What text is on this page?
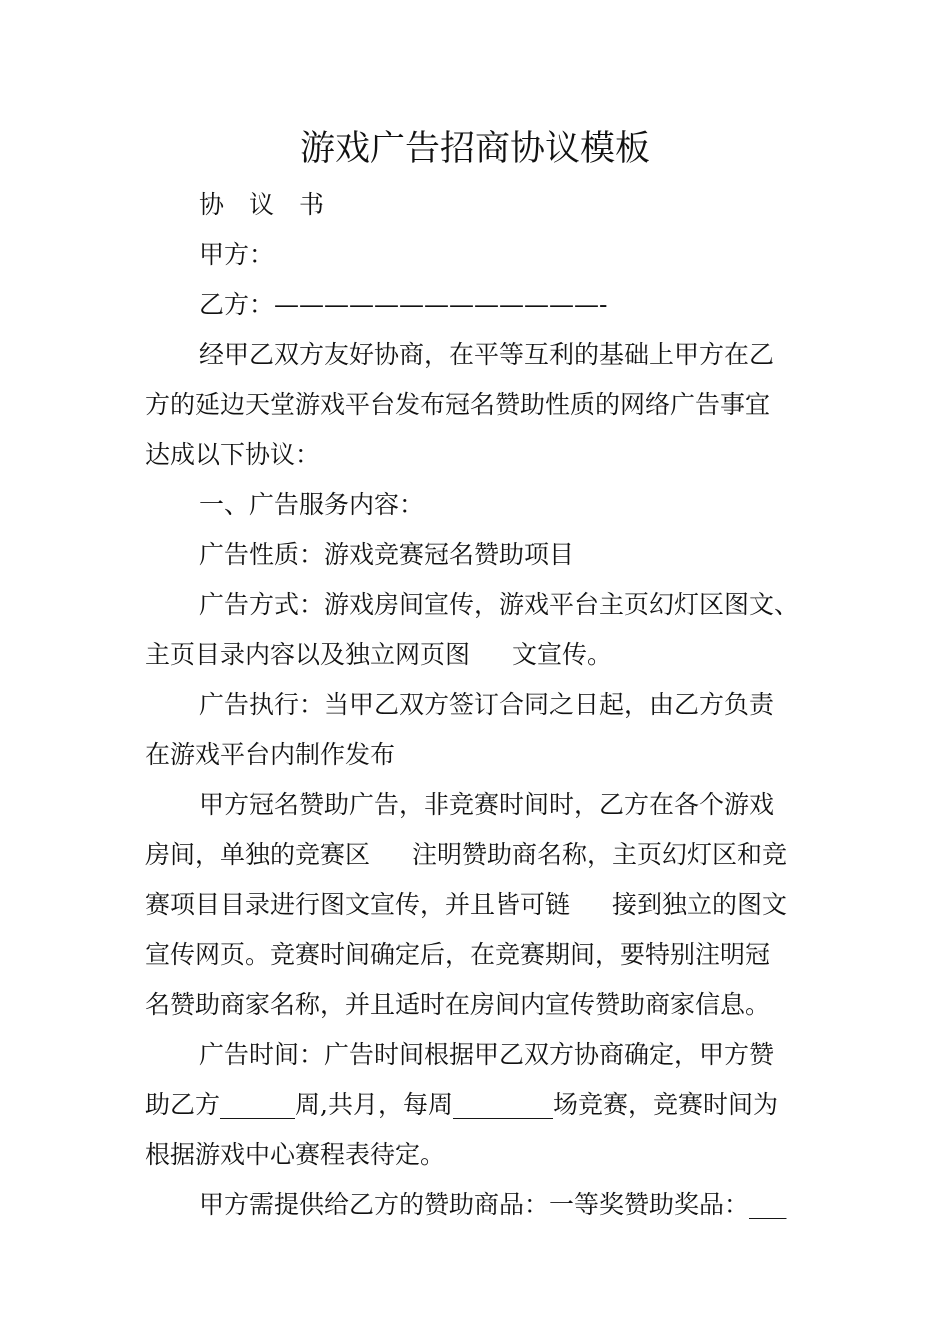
游戏广告招商协议模板
协　议　书
甲方：
乙方：—————————————-
经甲乙双方友好协商，在平等互利的基础上甲方在乙
方的延边天堂游戏平台发布冠名赞助性质的网络广告事宜
达成以下协议：
一、广告服务内容：
广告性质：游戏竞赛冠名赞助项目
广告方式：游戏房间宣传，游戏平台主页幻灯区图文、
主页目录内容以及独立网页图 文宣传。
广告执行：当甲乙双方签订合同之日起，由乙方负责
在游戏平台内制作发布
甲方冠名赞助广告，非竞赛时间时，乙方在各个游戏
房间，单独的竞赛区 注明赞助商名称，主页幻灯区和竞
赛项目目录进行图文宣传，并且皆可链 接到独立的图文
宣传网页。竞赛时间确定后，在竞赛期间，要特别注明冠
名赞助商家名称，并且适时在房间内宣传赞助商家信息。
广告时间：广告时间根据甲乙双方协商确定，甲方赞
助乙方______周,共月，每周________场竞赛，竞赛时间为
根据游戏中心赛程表待定。
甲方需提供给乙方的赞助商品：一等奖赞助奖品：___
